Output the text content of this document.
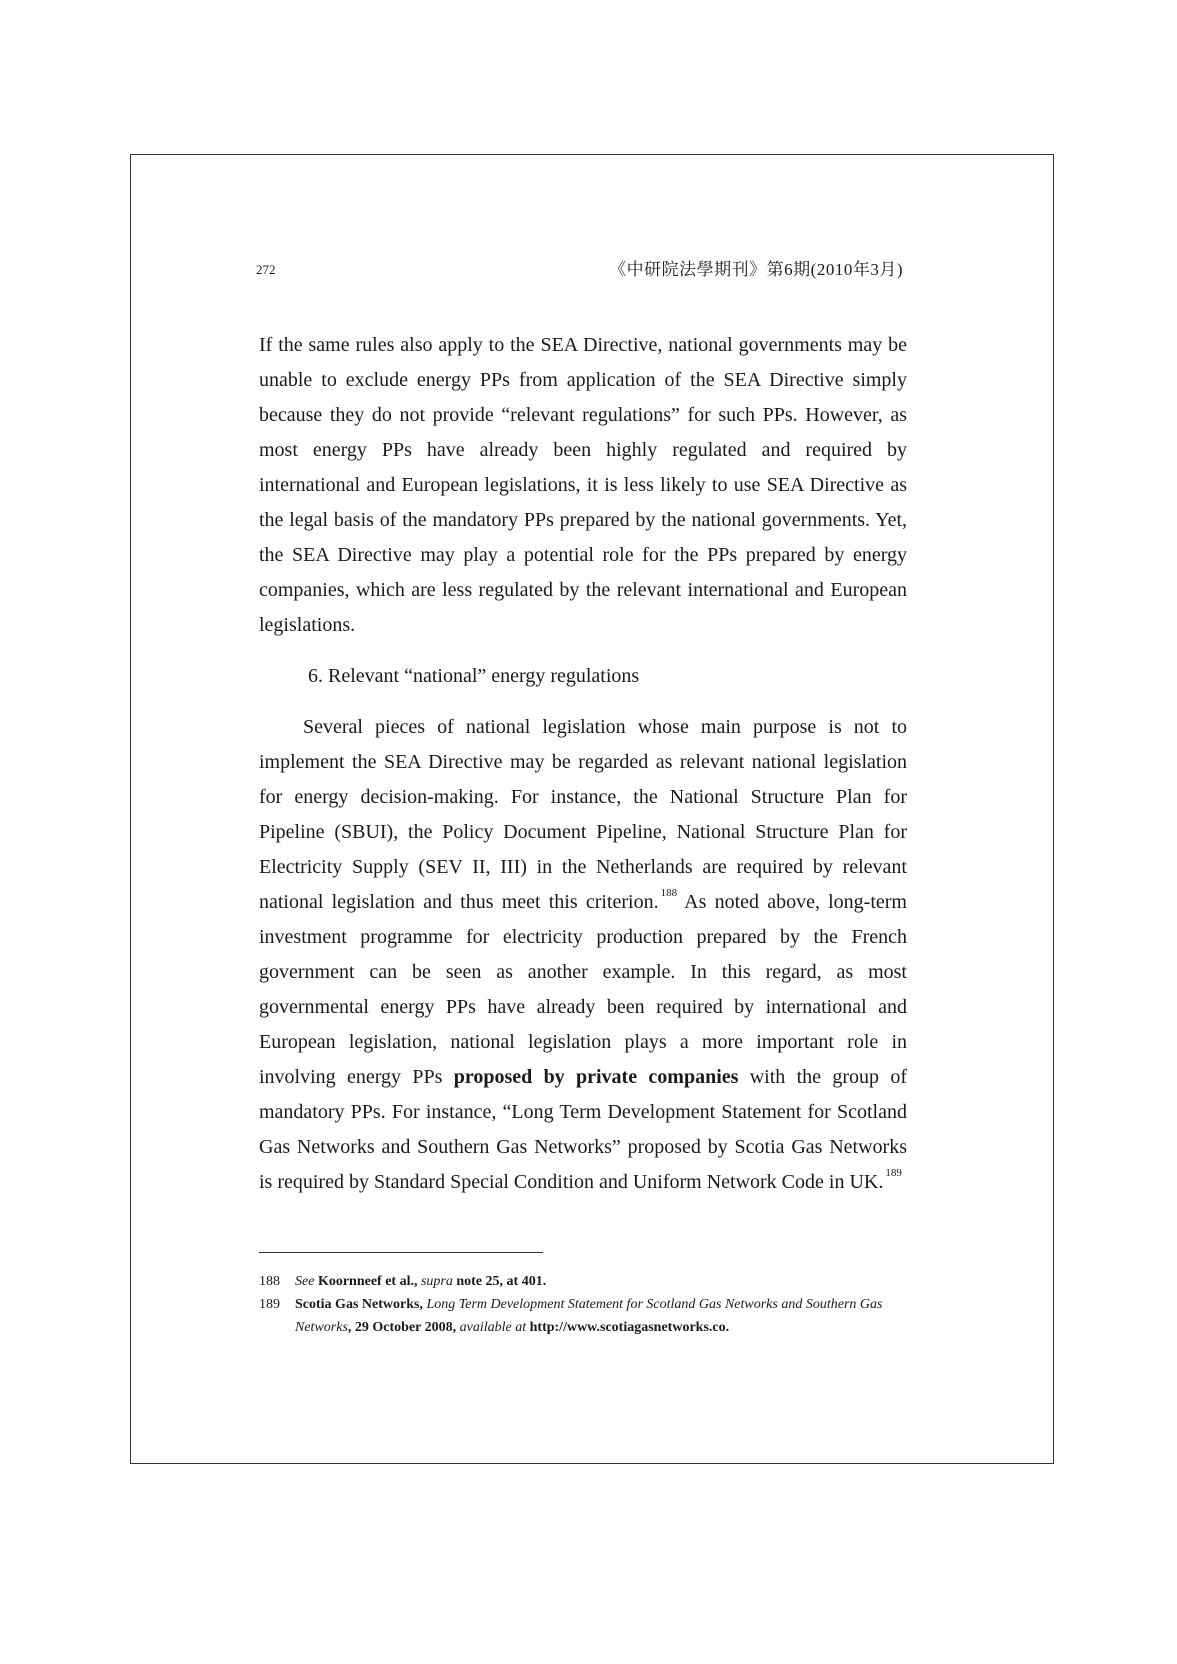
272	《中研院法學期刊》第6期(2010年3月)

If the same rules also apply to the SEA Directive, national governments may be unable to exclude energy PPs from application of the SEA Directive simply because they do not provide “relevant regulations” for such PPs. However, as most energy PPs have already been highly regulated and required by international and European legislations, it is less likely to use SEA Directive as the legal basis of the mandatory PPs prepared by the national governments. Yet, the SEA Directive may play a potential role for the PPs prepared by energy companies, which are less regulated by the relevant international and European legislations.

6. Relevant “national” energy regulations

Several pieces of national legislation whose main purpose is not to implement the SEA Directive may be regarded as relevant national legislation for energy decision-making. For instance, the National Structure Plan for Pipeline (SBUI), the Policy Document Pipeline, National Structure Plan for Electricity Supply (SEV II, III) in the Netherlands are required by relevant national legislation and thus meet this criterion. $^{188}$ As noted above, long-term investment programme for electricity production prepared by the French government can be seen as another example. In this regard, as most governmental energy PPs have already been required by international and European legislation, national legislation plays a more important role in involving energy PPs proposed by private companies with the group of mandatory PPs. For instance, “Long Term Development Statement for Scotland Gas Networks and Southern Gas Networks” proposed by Scotia Gas Networks is required by Standard Special Condition and Uniform Network Code in UK. $^{189}$

188	See Koornneef et al., supra note 25, at 401.
189	Scotia Gas Networks, Long Term Development Statement for Scotland Gas Networks and Southern Gas Networks, 29 October 2008, available at http://www.scotiagasnetworks.co.
